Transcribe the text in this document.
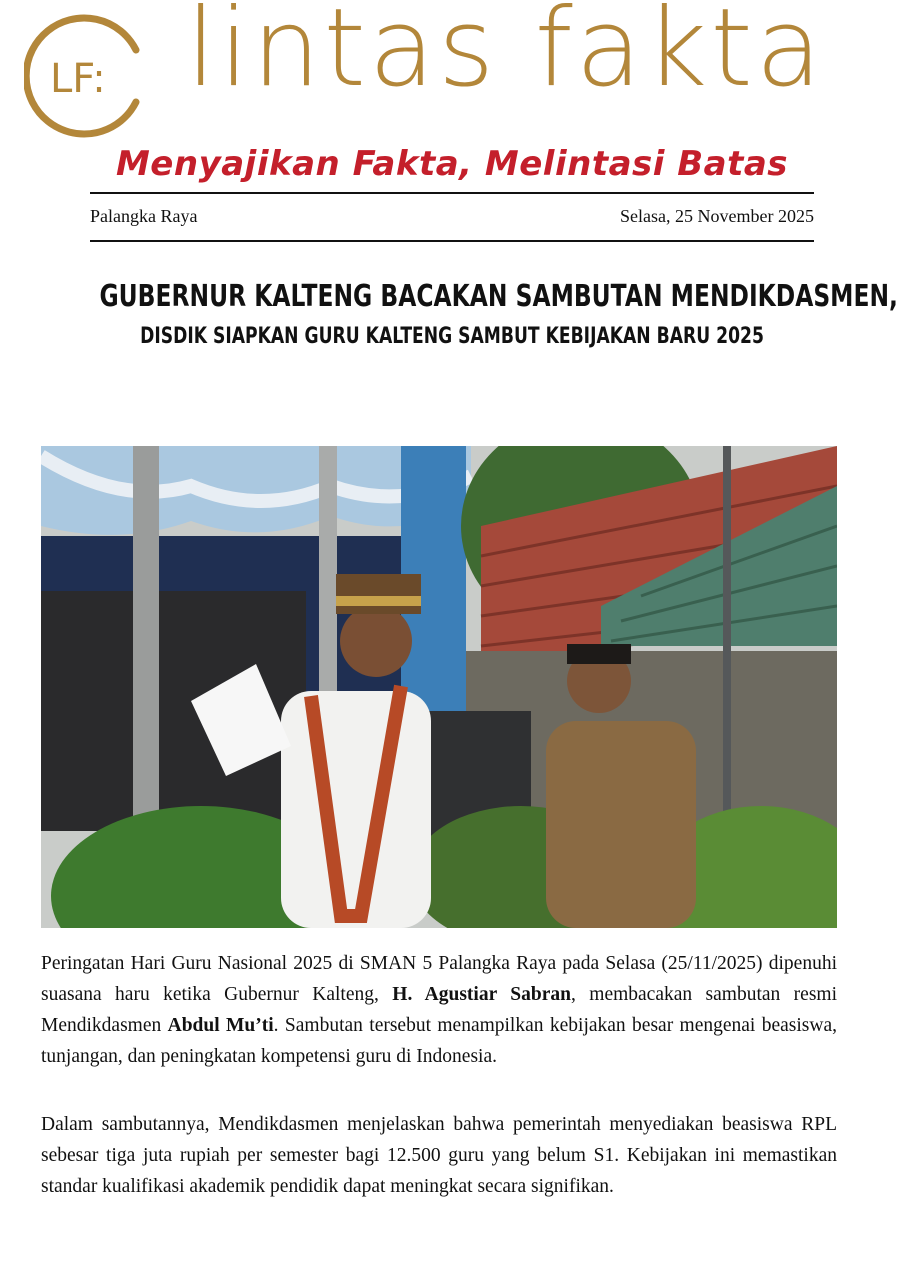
LF: lintas fakta
Menyajikan Fakta, Melintasi Batas
Palangka Raya	Selasa, 25 November 2025
GUBERNUR KALTENG BACAKAN SAMBUTAN MENDIKDASMEN,
DISDIK SIAPKAN GURU KALTENG SAMBUT KEBIJAKAN BARU 2025
Peringatan Hari Guru Nasional 2025 di SMAN 5 Palangka Raya pada Selasa (25/11/2025) dipenuhi suasana haru ketika Gubernur Kalteng, H. Agustiar Sabran, membacakan sambutan resmi Mendikdasmen Abdul Mu’ti. Sambutan tersebut menampilkan kebijakan besar mengenai beasiswa, tunjangan, dan peningkatan kompetensi guru di Indonesia.
Dalam sambutannya, Mendikdasmen menjelaskan bahwa pemerintah menyediakan beasiswa RPL sebesar tiga juta rupiah per semester bagi 12.500 guru yang belum S1. Kebijakan ini memastikan standar kualifikasi akademik pendidik dapat meningkat secara signifikan.
